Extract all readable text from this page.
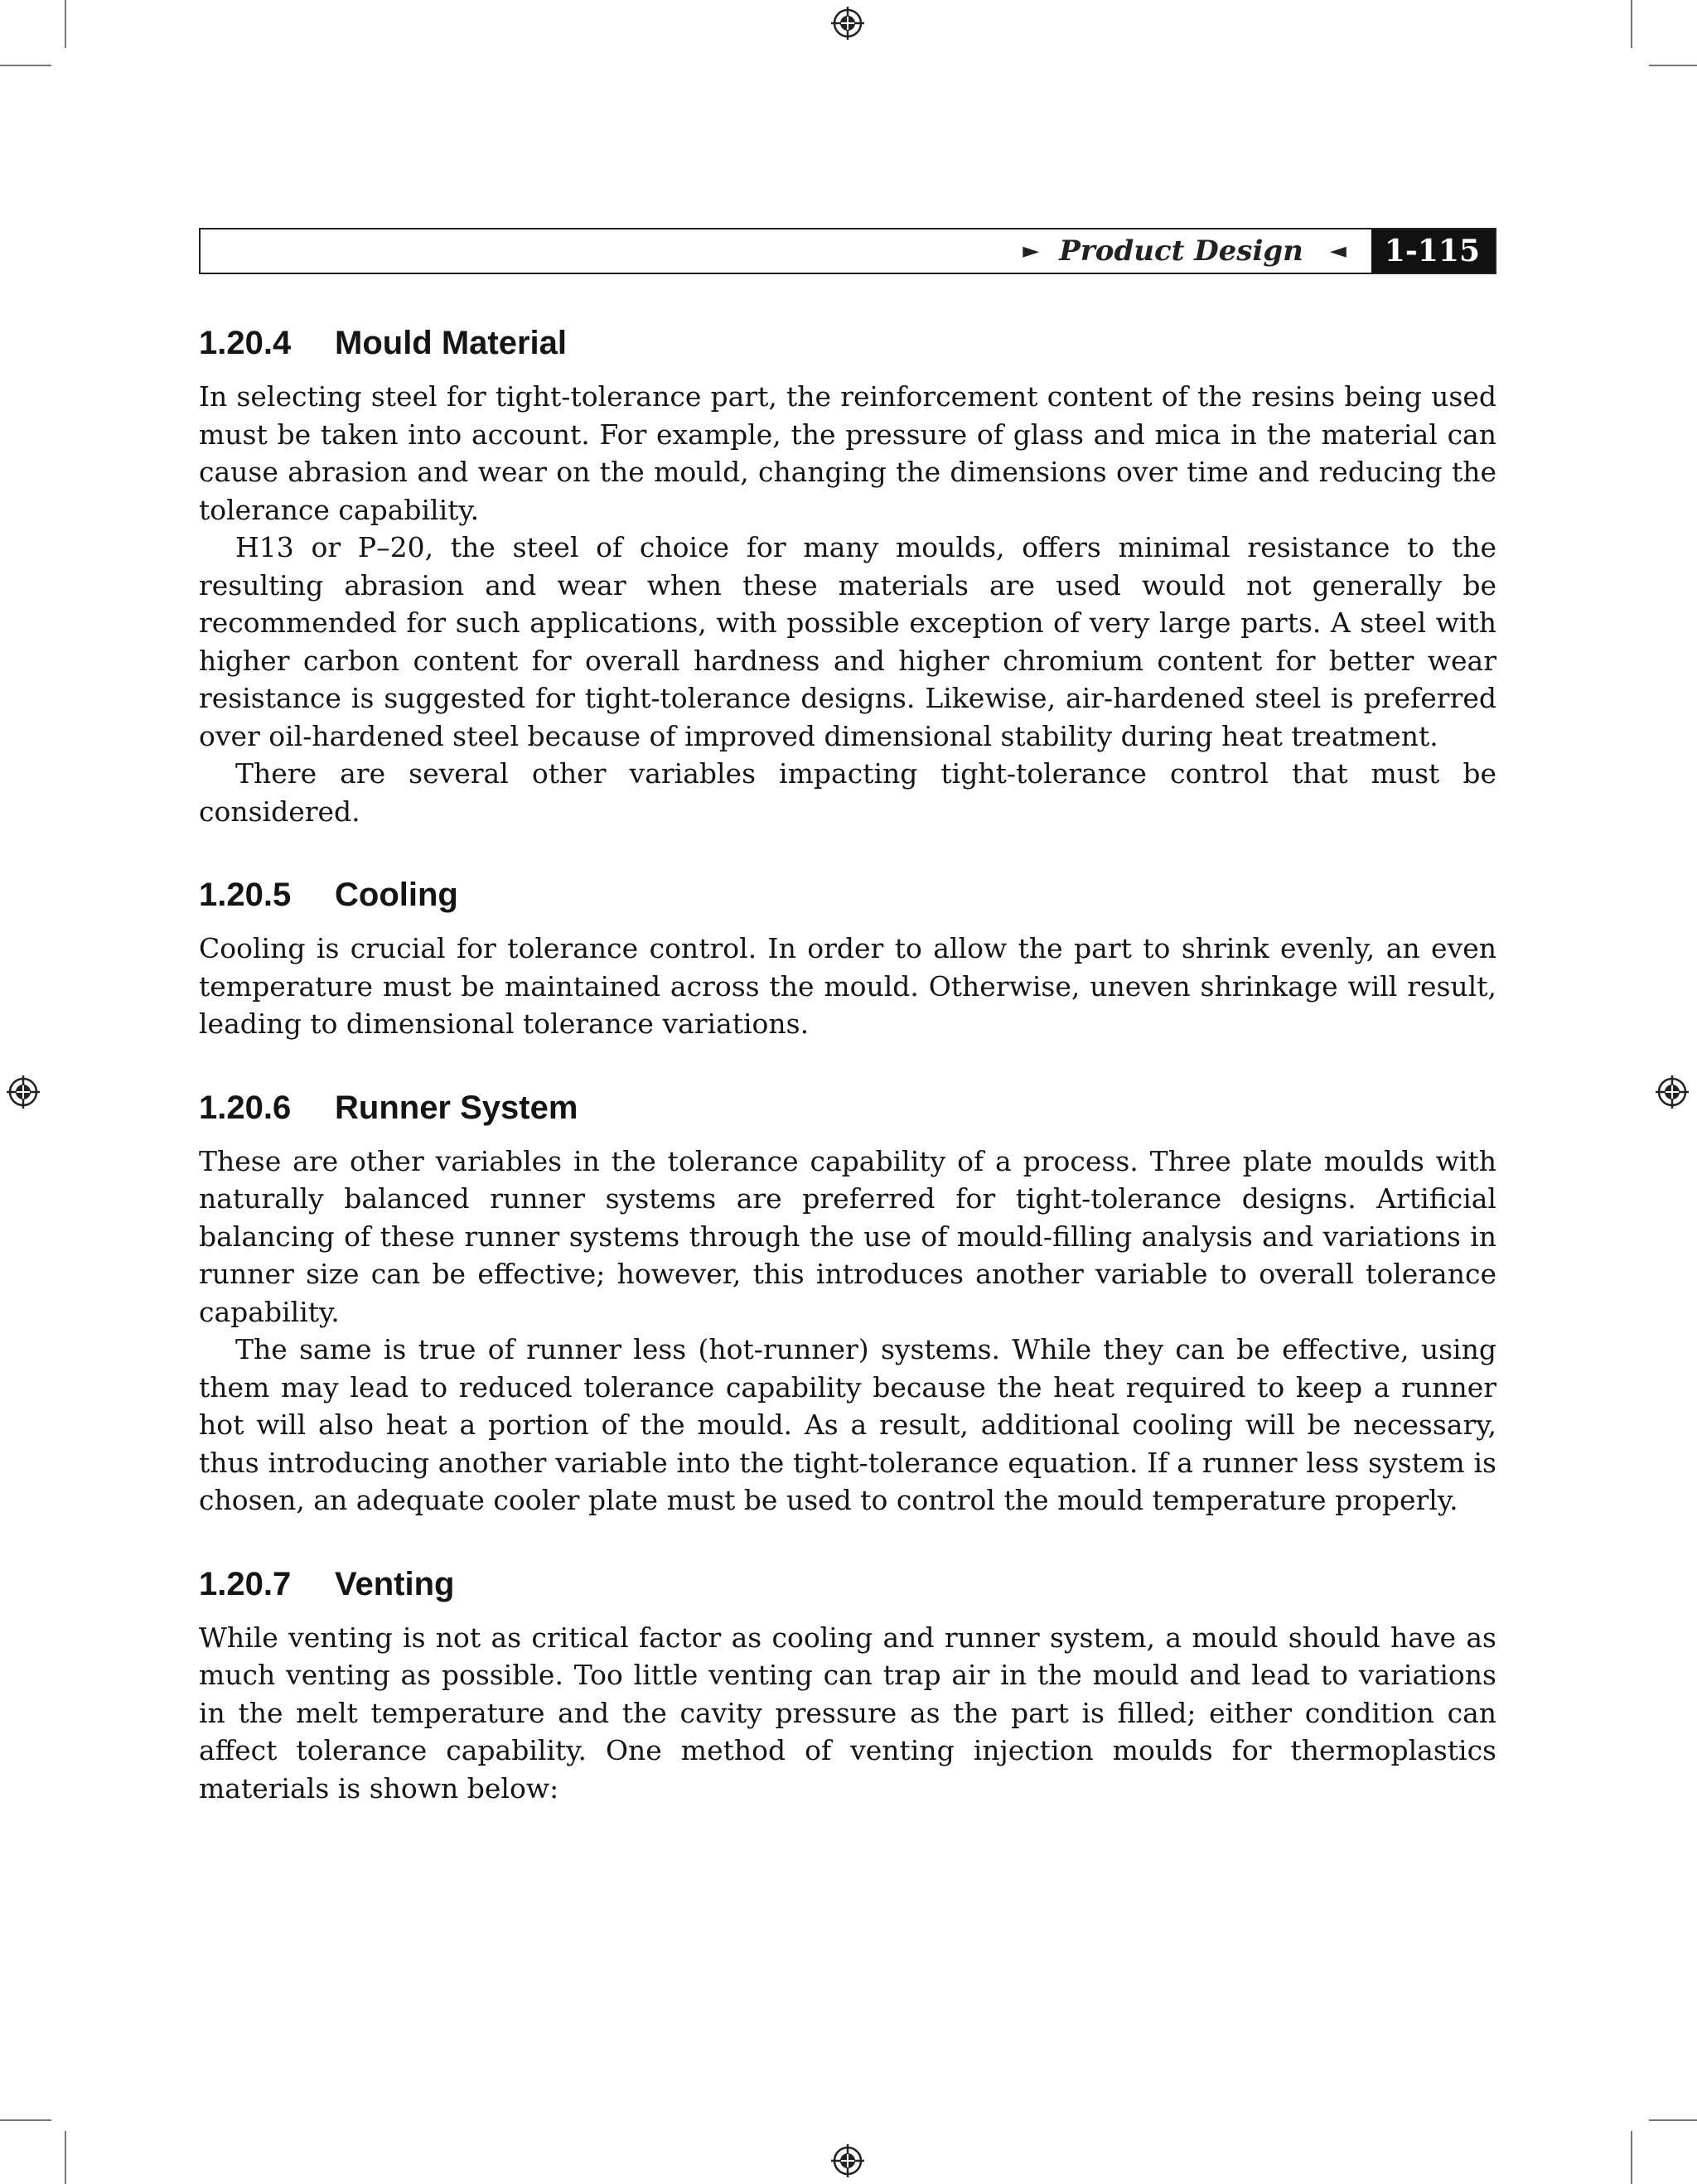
► Product Design ◄	1-115
1.20.4 Mould Material

In selecting steel for tight-tolerance part, the reinforcement content of the resins being used must be taken into account. For example, the pressure of glass and mica in the material can cause abrasion and wear on the mould, changing the dimensions over time and reducing the tolerance capability.

H13 or P–20, the steel of choice for many moulds, offers minimal resistance to the resulting abrasion and wear when these materials are used would not generally be recommended for such applications, with possible exception of very large parts. A steel with higher carbon content for overall hardness and higher chromium content for better wear resistance is suggested for tight-tolerance designs. Likewise, air-hardened steel is preferred over oil-hardened steel because of improved dimensional stability during heat treatment.

There are several other variables impacting tight-tolerance control that must be considered.

1.20.5 Cooling

Cooling is crucial for tolerance control. In order to allow the part to shrink evenly, an even temperature must be maintained across the mould. Otherwise, uneven shrinkage will result, leading to dimensional tolerance variations.

1.20.6 Runner System

These are other variables in the tolerance capability of a process. Three plate moulds with naturally balanced runner systems are preferred for tight-tolerance designs. Artificial balancing of these runner systems through the use of mould-filling analysis and variations in runner size can be effective; however, this introduces another variable to overall tolerance capability.

The same is true of runner less (hot-runner) systems. While they can be effective, using them may lead to reduced tolerance capability because the heat required to keep a runner hot will also heat a portion of the mould. As a result, additional cooling will be necessary, thus introducing another variable into the tight-tolerance equation. If a runner less system is chosen, an adequate cooler plate must be used to control the mould temperature properly.

1.20.7 Venting

While venting is not as critical factor as cooling and runner system, a mould should have as much venting as possible. Too little venting can trap air in the mould and lead to variations in the melt temperature and the cavity pressure as the part is filled; either condition can affect tolerance capability. One method of venting injection moulds for thermoplastics materials is shown below:
